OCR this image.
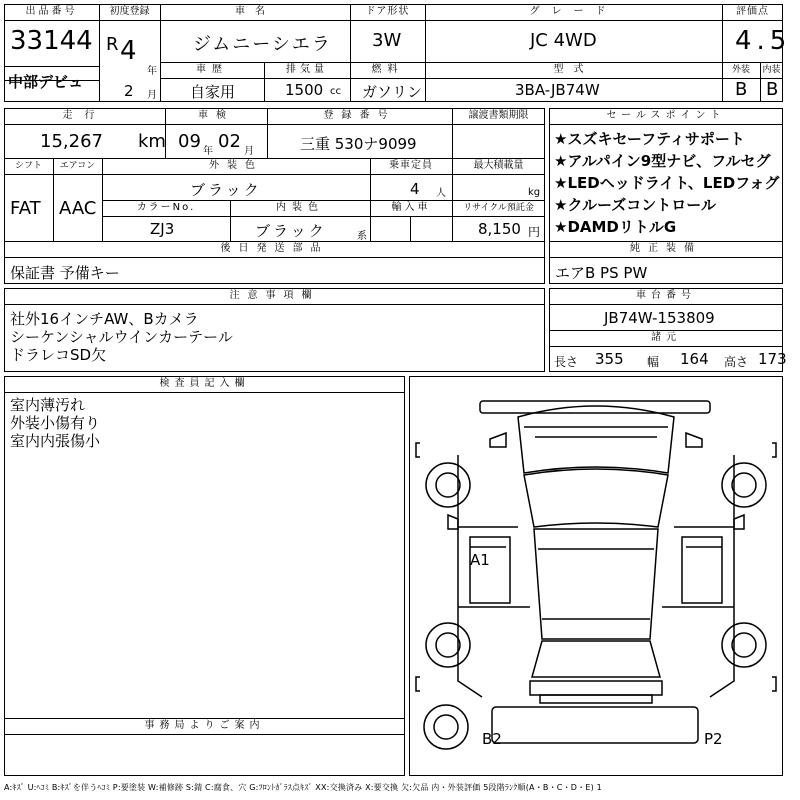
出品番号
33144
中部デビュ
初度登録
R 4
年
2 月
車名
ジムニーシエラ
ドア形状
3W
グレード
JC 4WD
評価点
4.5
車歴
自家用
排気量
1500 cc
燃料
ガソリン
型式
3BA-JB74W
外装
B
内装
B
走行
15,267 km
車検
09 年 02 月
登録番号
三重 530ナ9099
譲渡書類期限
シフト
FAT
エアコン
AAC
外装色
ブラック
乗車定員
4 人
最大積載量
kg
カラーNo.
ZJ3
内装色
ブラック	系
輸入車	リサイクル預託金
8,150 円
後日発送部品
保証書 予備キー
セールスポイント
★スズキセーフティサポート
★アルパイン9型ナビ、フルセグ
★LEDヘッドライト、LEDフォグ
★クルーズコントロール
★DAMDリトルG
純正装備
エアB PS PW
注意事項欄
社外16インチAW、Bカメラ
シーケンシャルウインカーテール
ドラレコSD欠
車台番号
JB74W-153809
諸元
長さ 355 幅 164 高さ 173
検査員記入欄
室内薄汚れ
外装小傷有り
室内内張傷小
事務局よりご案内
A1
B2	P2
A:ｷｽﾞ U:ﾍｺﾐ B:ｷｽﾞを伴うﾍｺﾐ P:要塗装 W:補修跡 S:錆 C:腐食、穴 G:ﾌﾛﾝﾄｶﾞﾗｽ点ｷｽﾞ XX:交換済み X:要交換 欠:欠品 内・外装評価 5段階ﾗﾝｸ順(A・B・C・D・E) 1
